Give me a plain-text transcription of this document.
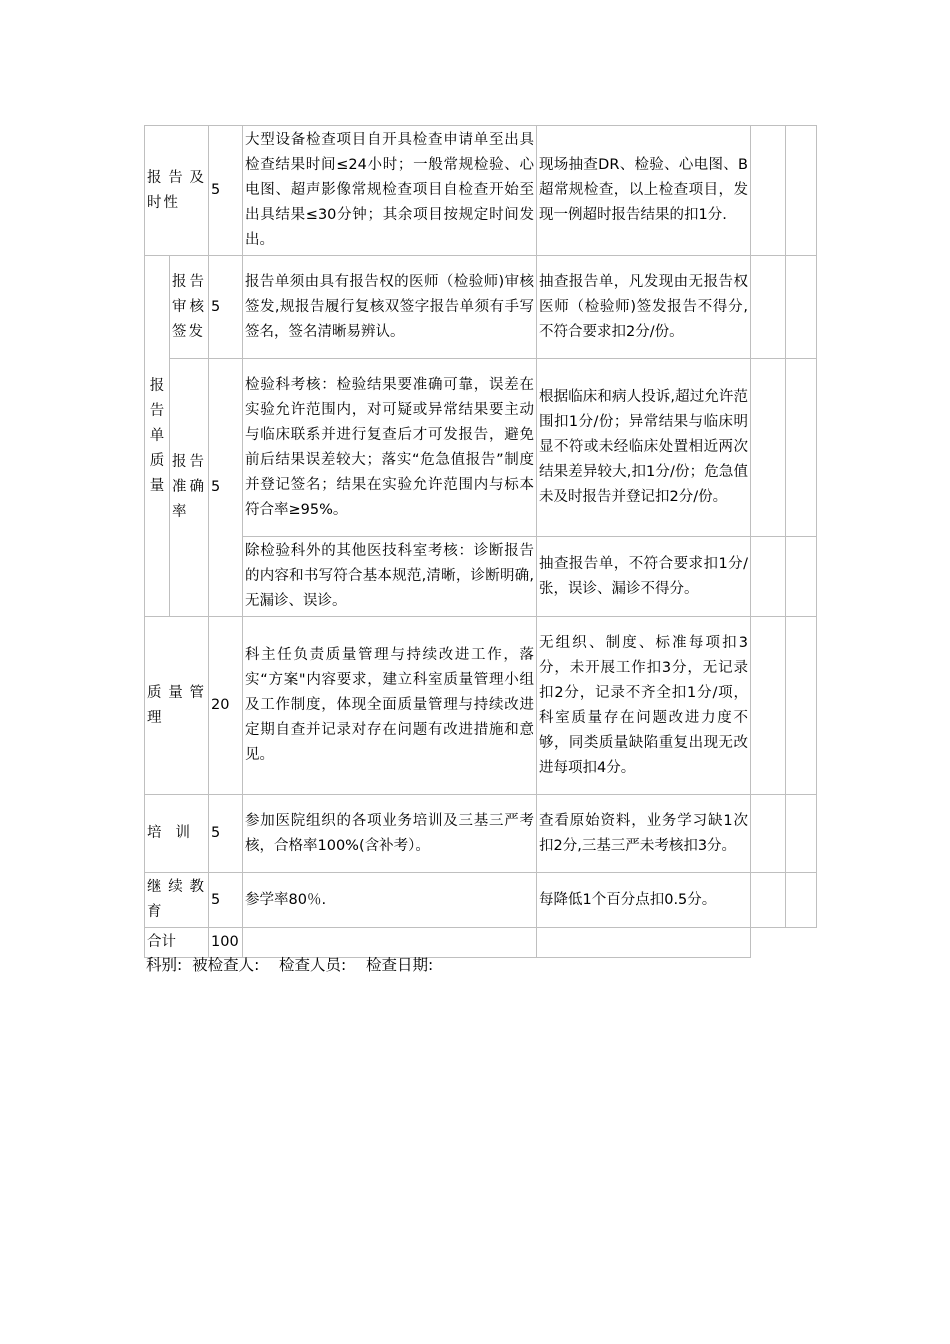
报告及时性		5	大型设备检查项目自开具检查申请单至出具检查结果时间≤24小时；一般常规检验、心电图、超声影像常规检查项目自检查开始至出具结果≤30分钟；其余项目按规定时间发出。	现场抽查DR、检验、心电图、B超常规检查，以上检查项目，发现一例超时报告结果的扣1分.		
报告单质量	报告审核签发	5	报告单须由具有报告权的医师（检验师)审核签发,规报告履行复核双签字报告单须有手写签名，签名清晰易辨认。	抽查报告单，凡发现由无报告权医师（检验师)签发报告不得分,不符合要求扣2分/份。		
	报告准确率	5	检验科考核：检验结果要准确可靠，误差在实验允许范围内，对可疑或异常结果要主动与临床联系并进行复查后才可发报告，避免前后结果误差较大；落实“危急值报告”制度并登记签名；结果在实验允许范围内与标本符合率≥95%。	根据临床和病人投诉,超过允许范围扣1分/份；异常结果与临床明显不符或未经临床处置相近两次结果差异较大,扣1分/份；危急值未及时报告并登记扣2分/份。		
			除检验科外的其他医技科室考核：诊断报告的内容和书写符合基本规范,清晰，诊断明确,无漏诊、误诊。	抽查报告单，不符合要求扣1分/张，误诊、漏诊不得分。		
质量管理		20	科主任负责质量管理与持续改进工作，落实“方案"内容要求，建立科室质量管理小组及工作制度，体现全面质量管理与持续改进定期自查并记录对存在问题有改进措施和意见。	无组织、制度、标准每项扣3分，未开展工作扣3分，无记录扣2分，记录不齐全扣1分/项，科室质量存在问题改进力度不够，同类质量缺陷重复出现无改进每项扣4分。		
培训		5	参加医院组织的各项业务培训及三基三严考核，合格率100%(含补考）。	查看原始资料，业务学习缺1次扣2分,三基三严未考核扣3分。		
继续教育		5	参学率80％.	每降低1个百分点扣0.5分。		
合计		100				
科别: 被检查人: 检查人员: 检查日期:
